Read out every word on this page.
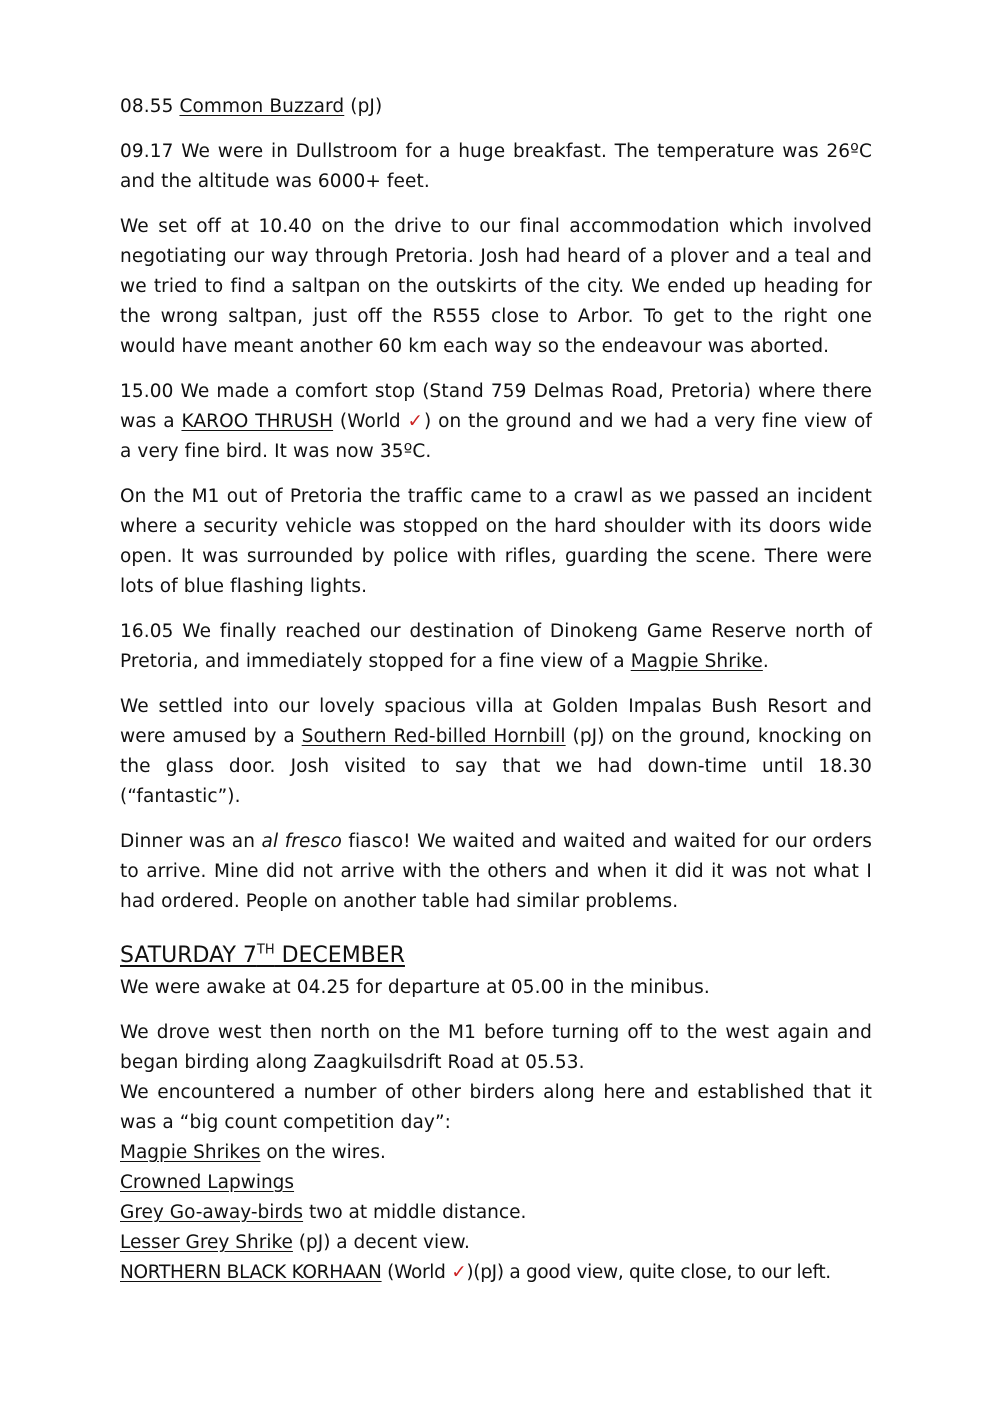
08.55 Common Buzzard (pJ)

09.17 We were in Dullstroom for a huge breakfast. The temperature was 26ºC and the altitude was 6000+ feet.

We set off at 10.40 on the drive to our final accommodation which involved negotiating our way through Pretoria. Josh had heard of a plover and a teal and we tried to find a saltpan on the outskirts of the city. We ended up heading for the wrong saltpan, just off the R555 close to Arbor. To get to the right one would have meant another 60 km each way so the endeavour was aborted.

15.00 We made a comfort stop (Stand 759 Delmas Road, Pretoria) where there was a KAROO THRUSH (World ✓) on the ground and we had a very fine view of a very fine bird. It was now 35ºC.

On the M1 out of Pretoria the traffic came to a crawl as we passed an incident where a security vehicle was stopped on the hard shoulder with its doors wide open. It was surrounded by police with rifles, guarding the scene. There were lots of blue flashing lights.

16.05 We finally reached our destination of Dinokeng Game Reserve north of Pretoria, and immediately stopped for a fine view of a Magpie Shrike.

We settled into our lovely spacious villa at Golden Impalas Bush Resort and were amused by a Southern Red-billed Hornbill (pJ) on the ground, knocking on the glass door. Josh visited to say that we had down-time until 18.30 (“fantastic”).

Dinner was an al fresco fiasco! We waited and waited and waited for our orders to arrive. Mine did not arrive with the others and when it did it was not what I had ordered. People on another table had similar problems.

SATURDAY 7TH DECEMBER

We were awake at 04.25 for departure at 05.00 in the minibus.

We drove west then north on the M1 before turning off to the west again and began birding along Zaagkuilsdrift Road at 05.53.

We encountered a number of other birders along here and established that it was a “big count competition day”:

Magpie Shrikes on the wires.
Crowned Lapwings
Grey Go-away-birds two at middle distance.
Lesser Grey Shrike (pJ) a decent view.
NORTHERN BLACK KORHAAN (World ✓)(pJ) a good view, quite close, to our left.
